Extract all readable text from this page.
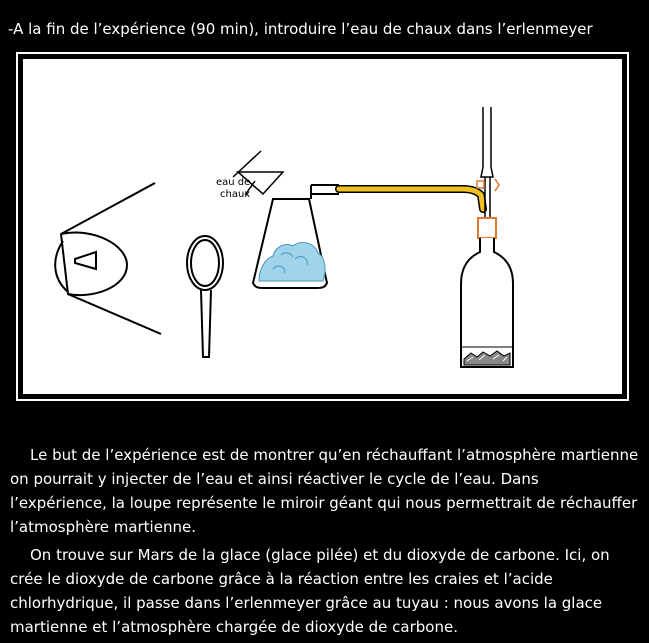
-A la fin de l’expérience (90 min), introduire l’eau de chaux dans l’erlenmeyer
eau de
chaux

Le but de l’expérience est de montrer qu’en réchauffant l’atmosphère martienne on pourrait y injecter de l’eau et ainsi réactiver le cycle de l’eau. Dans l’expérience, la loupe représente le miroir géant qui nous permettrait de réchauffer l’atmosphère martienne.

On trouve sur Mars de la glace (glace pilée) et du dioxyde de carbone. Ici, on crée le dioxyde de carbone grâce à la réaction entre les craies et l’acide chlorhydrique, il passe dans l’erlenmeyer grâce au tuyau : nous avons la glace martienne et l’atmosphère chargée de dioxyde de carbone.
